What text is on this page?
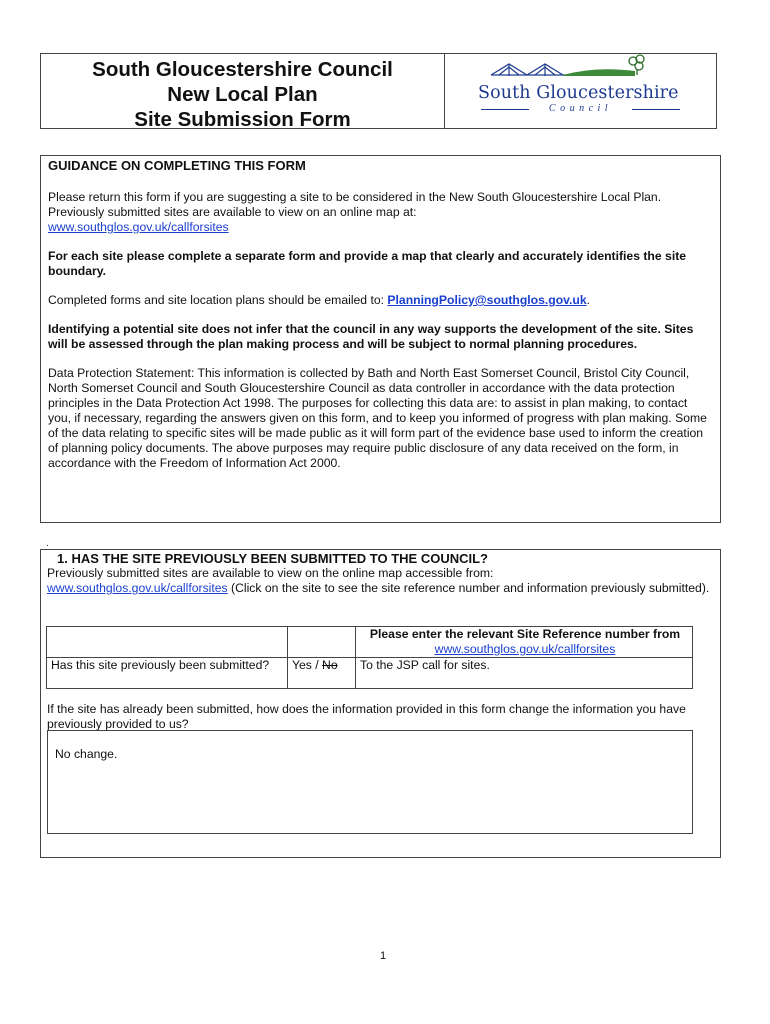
South Gloucestershire Council
New Local Plan
Site Submission Form
South Gloucestershire
Council
GUIDANCE ON COMPLETING THIS FORM

Please return this form if you are suggesting a site to be considered in the New South Gloucestershire Local Plan. Previously submitted sites are available to view on an online map at:
www.southglos.gov.uk/callforsites

For each site please complete a separate form and provide a map that clearly and accurately identifies the site boundary.

Completed forms and site location plans should be emailed to: PlanningPolicy@southglos.gov.uk.

Identifying a potential site does not infer that the council in any way supports the development of the site. Sites will be assessed through the plan making process and will be subject to normal planning procedures.

Data Protection Statement: This information is collected by Bath and North East Somerset Council, Bristol City Council, North Somerset Council and South Gloucestershire Council as data controller in accordance with the data protection principles in the Data Protection Act 1998. The purposes for collecting this data are: to assist in plan making, to contact you, if necessary, regarding the answers given on this form, and to keep you informed of progress with plan making. Some of the data relating to specific sites will be made public as it will form part of the evidence base used to inform the creation of planning policy documents. The above purposes may require public disclosure of any data received on the form, in accordance with the Freedom of Information Act 2000.

.
1. HAS THE SITE PREVIOUSLY BEEN SUBMITTED TO THE COUNCIL?
Previously submitted sites are available to view on the online map accessible from:
www.southglos.gov.uk/callforsites (Click on the site to see the site reference number and information previously submitted).
		Please enter the relevant Site Reference number from www.southglos.gov.uk/callforsites
Has this site previously been submitted?	Yes / No	To the JSP call for sites.
If the site has already been submitted, how does the information provided in this form change the information you have previously provided to us?
No change.
1
